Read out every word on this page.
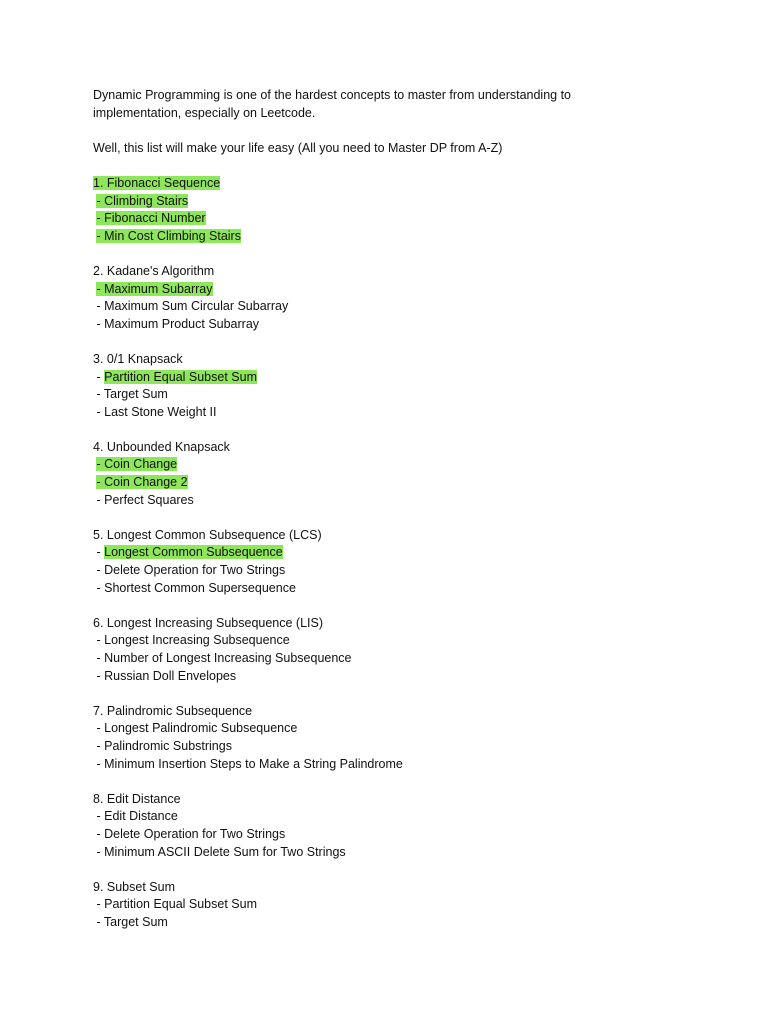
Dynamic Programming is one of the hardest concepts to master from understanding to
implementation, especially on Leetcode.
Well, this list will make your life easy (All you need to Master DP from A-Z)
1. Fibonacci Sequence
- Climbing Stairs
- Fibonacci Number
- Min Cost Climbing Stairs
2. Kadane's Algorithm
- Maximum Subarray
- Maximum Sum Circular Subarray
- Maximum Product Subarray
3. 0/1 Knapsack
- Partition Equal Subset Sum
- Target Sum
- Last Stone Weight II
4. Unbounded Knapsack
- Coin Change
- Coin Change 2
- Perfect Squares
5. Longest Common Subsequence (LCS)
- Longest Common Subsequence
- Delete Operation for Two Strings
- Shortest Common Supersequence
6. Longest Increasing Subsequence (LIS)
- Longest Increasing Subsequence
- Number of Longest Increasing Subsequence
- Russian Doll Envelopes
7. Palindromic Subsequence
- Longest Palindromic Subsequence
- Palindromic Substrings
- Minimum Insertion Steps to Make a String Palindrome
8. Edit Distance
- Edit Distance
- Delete Operation for Two Strings
- Minimum ASCII Delete Sum for Two Strings
9. Subset Sum
- Partition Equal Subset Sum
- Target Sum
